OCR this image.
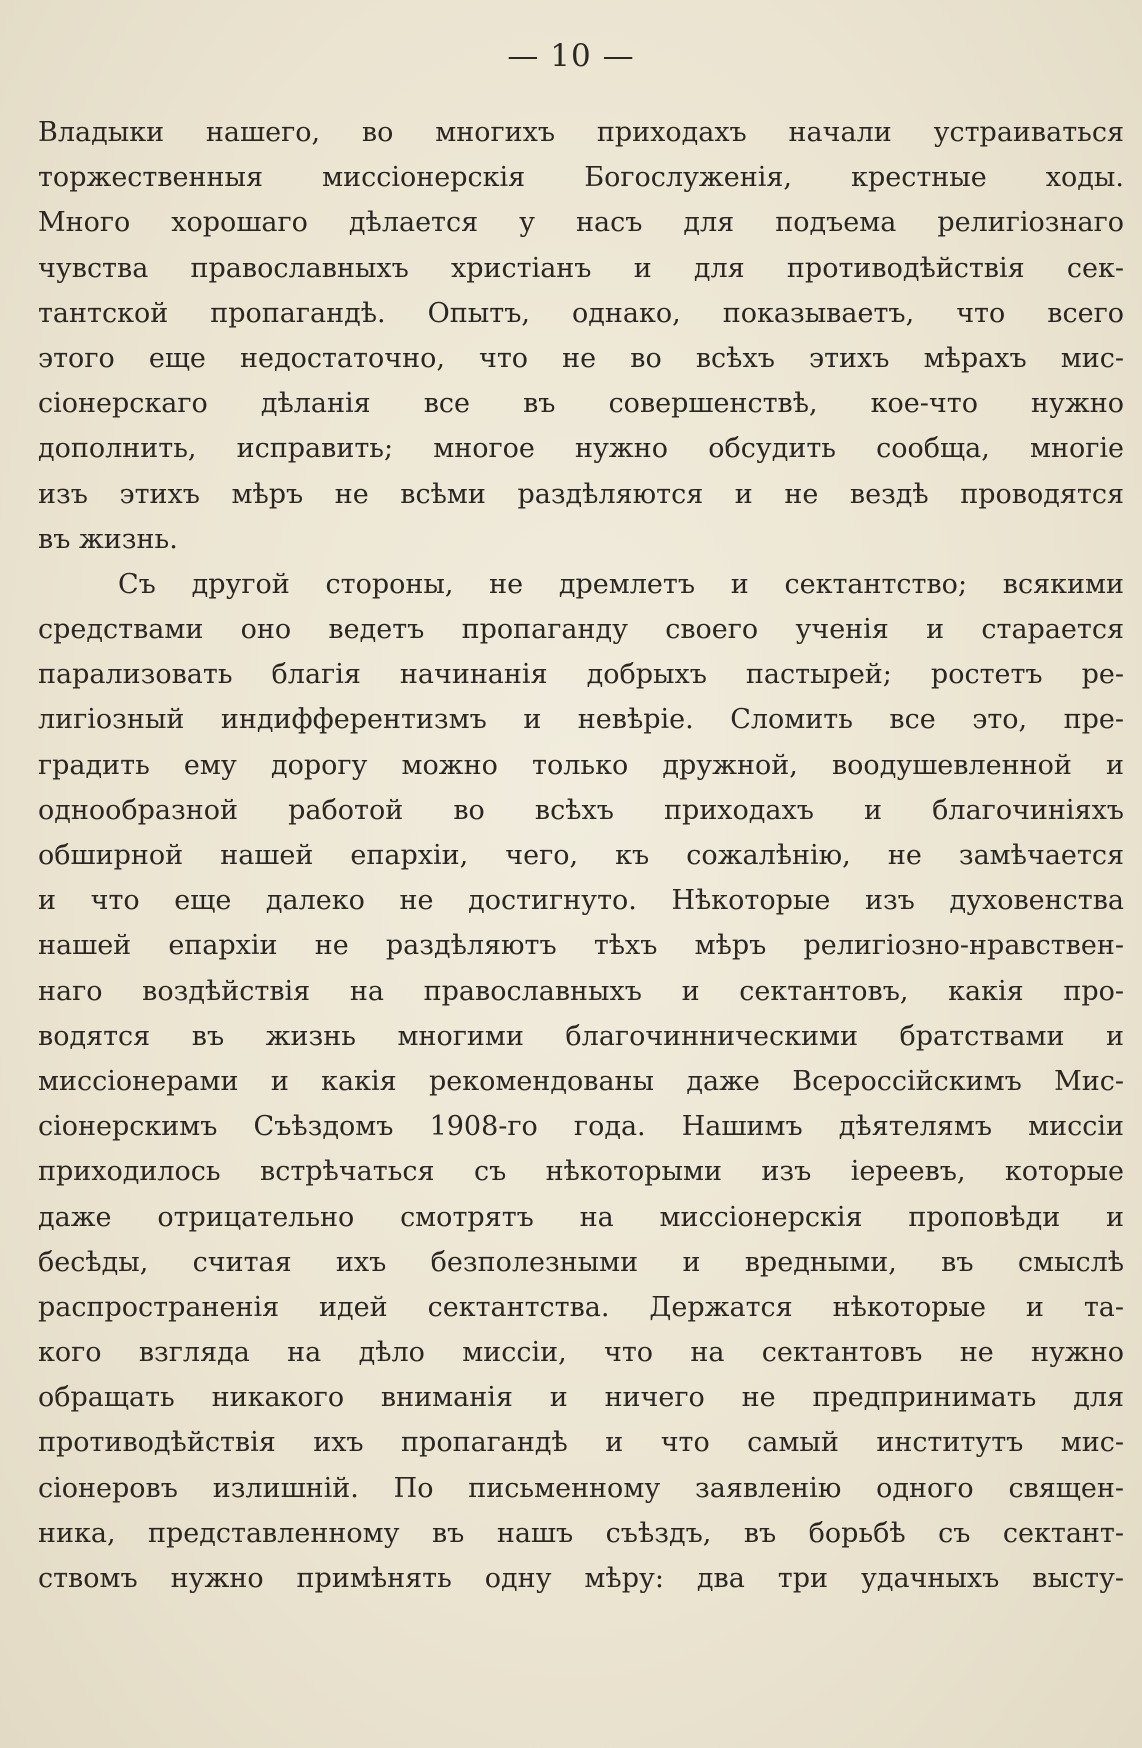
— 10 —
Владыки нашего, во многихъ приходахъ начали устраиваться
торжественныя миссіонерскія Богослуженія, крестные ходы.
Много хорошаго дѣлается у насъ для подъема религіознаго
чувства православныхъ христіанъ и для противодѣйствія сек-
тантской пропагандѣ. Опытъ, однако, показываетъ, что всего
этого еще недостаточно, что не во всѣхъ этихъ мѣрахъ мис-
сіонерскаго дѣланія все въ совершенствѣ, кое-что нужно
дополнить, исправить; многое нужно обсудить сообща, многіе
изъ этихъ мѣръ не всѣми раздѣляются и не вездѣ проводятся
въ жизнь.
Съ другой стороны, не дремлетъ и сектантство; всякими
средствами оно ведетъ пропаганду своего ученія и старается
парализовать благія начинанія добрыхъ пастырей; ростетъ ре-
лигіозный индифферентизмъ и невѣріе. Сломить все это, пре-
градить ему дорогу можно только дружной, воодушевленной и
однообразной работой во всѣхъ приходахъ и благочиніяхъ
обширной нашей епархіи, чего, къ сожалѣнію, не замѣчается
и что еще далеко не достигнуто. Нѣкоторые изъ духовенства
нашей епархіи не раздѣляютъ тѣхъ мѣръ религіозно-нравствен-
наго воздѣйствія на православныхъ и сектантовъ, какія про-
водятся въ жизнь многими благочинническими братствами и
миссіонерами и какія рекомендованы даже Всероссійскимъ Мис-
сіонерскимъ Съѣздомъ 1908-го года. Нашимъ дѣятелямъ миссіи
приходилось встрѣчаться съ нѣкоторыми изъ іереевъ, которые
даже отрицательно смотрятъ на миссіонерскія проповѣди и
бесѣды, считая ихъ безполезными и вредными, въ смыслѣ
распространенія идей сектантства. Держатся нѣкоторые и та-
кого взгляда на дѣло миссіи, что на сектантовъ не нужно
обращать никакого вниманія и ничего не предпринимать для
противодѣйствія ихъ пропагандѣ и что самый институтъ мис-
сіонеровъ излишній. По письменному заявленію одного священ-
ника, представленному въ нашъ съѣздъ, въ борьбѣ съ сектант-
ствомъ нужно примѣнять одну мѣру: два три удачныхъ высту-
